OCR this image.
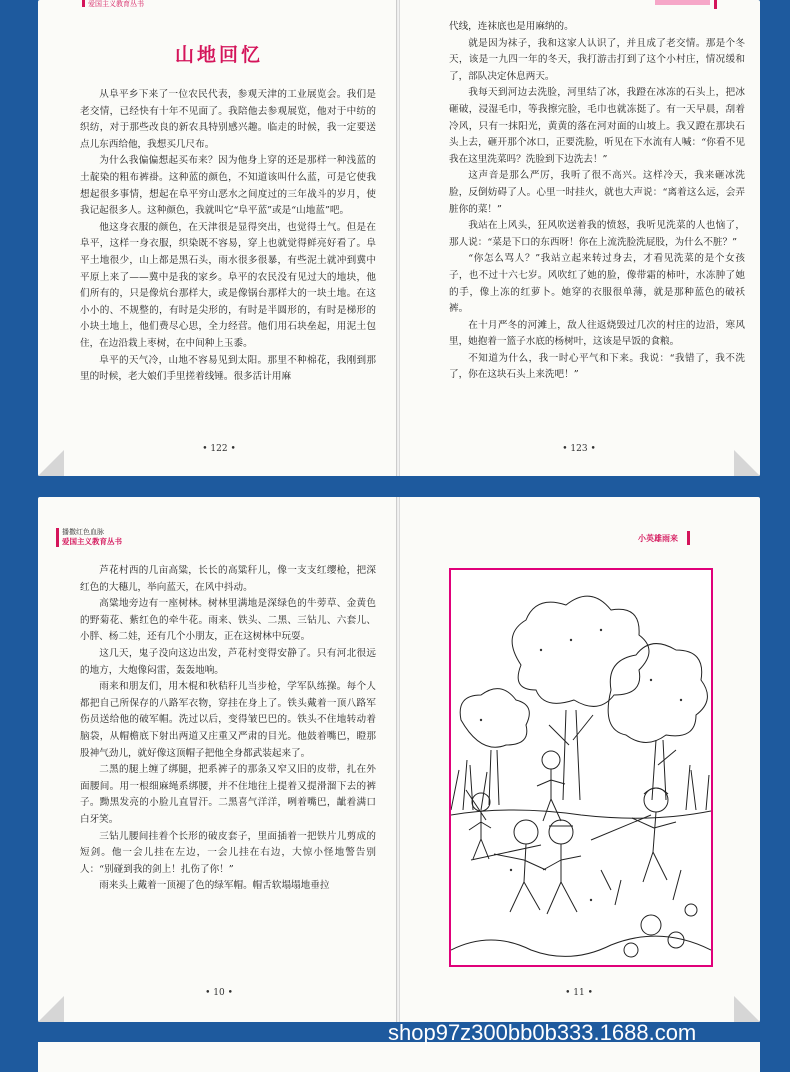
爱国主义教育丛书
山地回忆

从阜平乡下来了一位农民代表，参观天津的工业展览会。我们是老交情，已经快有十年不见面了。我陪他去参观展览，他对于中纺的织纺，对于那些改良的新农具特别感兴趣。临走的时候，我一定要送点儿东西给他，我想买几尺布。

为什么我偏偏想起买布来？因为他身上穿的还是那样一种浅蓝的土靛染的粗布裤褂。这种蓝的颜色，不知道该叫什么蓝，可是它使我想起很多事情，想起在阜平穷山恶水之间度过的三年战斗的岁月，使我记起很多人。这种颜色，我就叫它“阜平蓝”或是“山地蓝”吧。

他这身衣服的颜色，在天津很是显得突出，也觉得土气。但是在阜平，这样一身衣服，织染既不容易，穿上也就觉得鲜亮好看了。阜平土地很少，山上都是黑石头，雨水很多很暴，有些泥土就冲到冀中平原上来了——冀中是我的家乡。阜平的农民没有见过大的地块，他们所有的，只是像炕台那样大，或是像锅台那样大的一块土地。在这小小的、不规整的，有时是尖形的，有时是半圆形的，有时是梯形的小块土地上，他们费尽心思，全力经营。他们用石块垒起，用泥土包住，在边沿栽上枣树，在中间种上玉黍。

阜平的天气冷，山地不容易见到太阳。那里不种棉花，我刚到那里的时候，老大娘们手里搓着线锤。很多活计用麻

• 122 •

代线，连袜底也是用麻纳的。

就是因为袜子，我和这家人认识了，并且成了老交情。那是个冬天，该是一九四一年的冬天，我打游击打到了这个小村庄，情况缓和了，部队决定休息两天。

我每天到河边去洗脸，河里结了冰，我蹬在冰冻的石头上，把冰砸破，浸湿毛巾，等我擦完脸，毛巾也就冻挺了。有一天早晨，刮着冷风，只有一抹阳光，黄黄的落在河对面的山坡上。我又蹬在那块石头上去，砸开那个冰口，正要洗脸，听见在下水流有人喊：“你看不见我在这里洗菜吗？洗脸到下边洗去！”

这声音是那么严厉，我听了很不高兴。这样冷天，我来砸冰洗脸，反倒妨碍了人。心里一时挂火，就也大声说：“离着这么远，会弄脏你的菜！”

我站在上风头，狂风吹送着我的愤怒，我听见洗菜的人也恼了，那人说：“菜是下口的东西呀！你在上流洗脸洗屁股，为什么不脏？”

“你怎么骂人？”我站立起来转过身去，才看见洗菜的是个女孩子，也不过十六七岁。风吹红了她的脸，像带霜的柿叶，水冻肿了她的手，像上冻的红萝卜。她穿的衣服很单薄，就是那种蓝色的破袄裤。

在十月严冬的河滩上，敌人往返烧毁过几次的村庄的边沿，寒风里，她抱着一篮子水底的杨树叶，这该是早饭的食粮。

不知道为什么，我一时心平气和下来。我说：“我错了，我不洗了，你在这块石头上来洗吧！”

• 123 •
播撒红色血脉
爱国主义教育丛书	小英雄雨来

芦花村西的几亩高粱，长长的高粱秆儿，像一支支红缨枪，把深红色的大穗儿，举向蓝天，在风中抖动。

高粱地旁边有一座树林。树林里满地是深绿色的牛蒡草、金黄色的野菊花、紫红色的牵牛花。雨来、铁头、二黑、三钻儿、六套儿、小胖、杨二娃，还有几个小朋友，正在这树林中玩耍。

这几天，鬼子没向这边出发，芦花村变得安静了。只有河北很远的地方，大炮像闷雷，轰轰地响。

雨来和朋友们，用木棍和秋秸秆儿当步枪，学军队练操。每个人都把自己所保存的八路军衣物，穿挂在身上了。铁头戴着一顶八路军伤员送给他的破军帽。洗过以后，变得皱巴巴的。铁头不住地转动着脑袋，从帽檐底下射出两道又庄重又严肃的目光。他鼓着嘴巴，瞪那股神气劲儿，就好像这顶帽子把他全身都武装起来了。

二黑的腿上缠了绑腿，把系裤子的那条又窄又旧的皮带，扎在外面腰间。用一根细麻绳系绑腰，并不住地往上提着又提滑溜下去的裤子。黝黑发亮的小脸儿直冒汗。二黑喜气洋洋，咧着嘴巴，龇着满口白牙笑。

三钻儿腰间挂着个长形的破皮套子，里面插着一把铁片儿剪成的短剑。他一会儿挂在左边，一会儿挂在右边，大惊小怪地警告别人：“别碰到我的剑上！扎伤了你！”

雨来头上戴着一顶褪了色的绿军帽。帽舌软塌塌地垂拉

• 10 •	• 11 •
shop97z300bb0b333.1688.com
